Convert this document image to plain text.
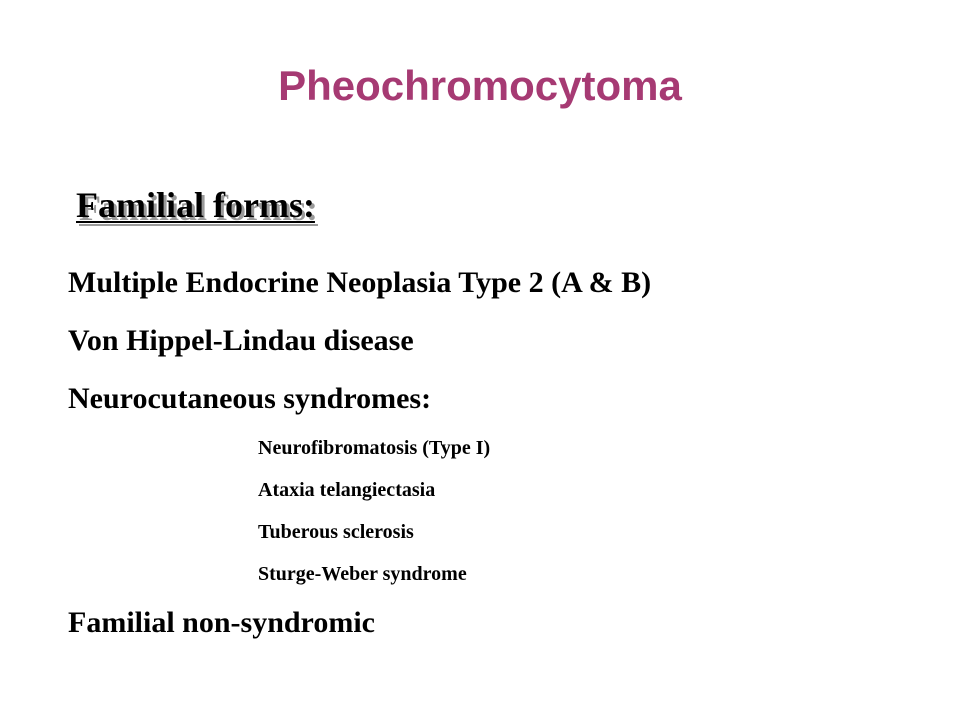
Pheochromocytoma
Familial forms:

Multiple Endocrine Neoplasia Type 2 (A & B)

Von Hippel-Lindau disease

Neurocutaneous syndromes:

Neurofibromatosis (Type I)

Ataxia telangiectasia

Tuberous sclerosis

Sturge-Weber syndrome

Familial non-syndromic
